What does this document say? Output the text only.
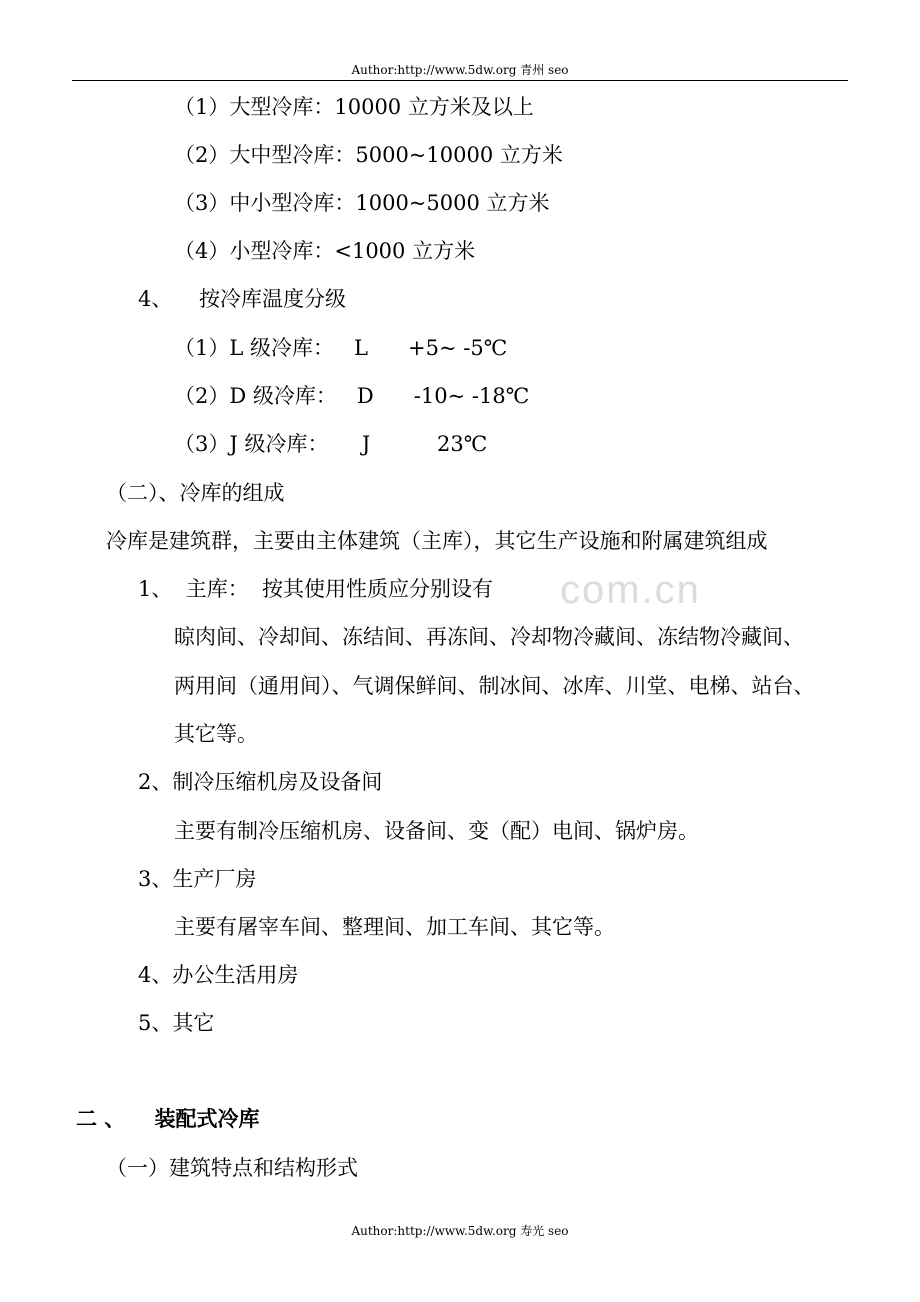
Author:http://www.5dw.org 青州 seo
com.cn
（1）大型冷库：10000 立方米及以上
（2）大中型冷库：5000~10000 立方米
（3）中小型冷库：1000~5000 立方米
（4）小型冷库：<1000 立方米
4、    按冷库温度分级
（1）L 级冷库：   L      +5~ -5℃
（2）D 级冷库：   D      -10~ -18℃
（3）J 级冷库：     J          23℃
（二）、冷库的组成
冷库是建筑群，主要由主体建筑（主库），其它生产设施和附属建筑组成
1、  主库：  按其使用性质应分别设有
晾肉间、冷却间、冻结间、再冻间、冷却物冷藏间、冻结物冷藏间、
两用间（通用间）、气调保鲜间、制冰间、冰库、川堂、电梯、站台、
其它等。
2、制冷压缩机房及设备间
主要有制冷压缩机房、设备间、变（配）电间、锅炉房。
3、生产厂房
主要有屠宰车间、整理间、加工车间、其它等。
4、办公生活用房
5、其它
二 、    装配式冷库
（一）建筑特点和结构形式
Author:http://www.5dw.org 寿光 seo
